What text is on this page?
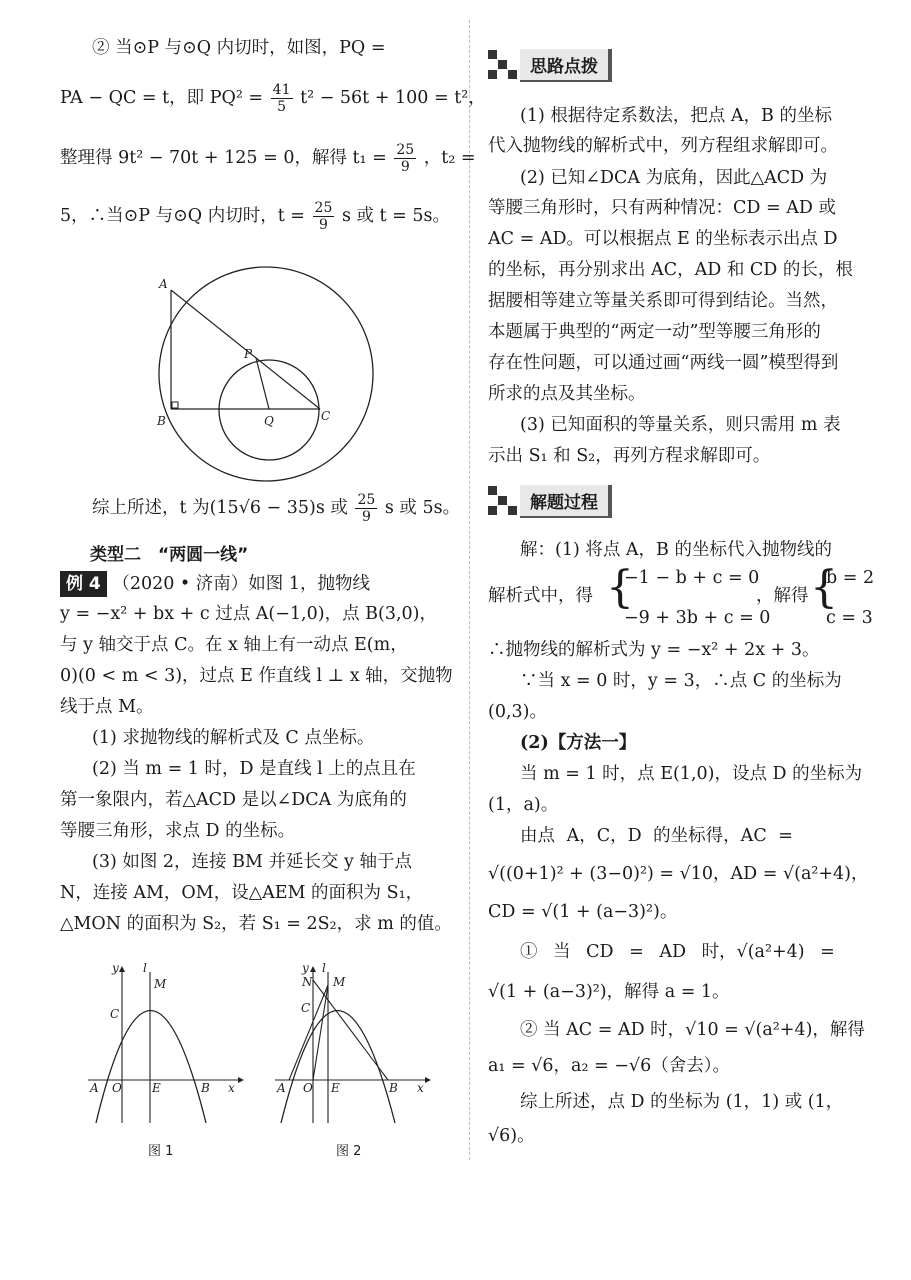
② 当⊙P 与⊙Q 内切时，如图，PQ =
PA − QC = t，即 $PQ^2 = \frac{41}{5} t^2 - 56t + 100 = t^2$，
整理得 9t² − 70t + 125 = 0，解得 $t_1 = \frac{25}{9}$ ，t₂ =
5，∴当⊙P 与⊙Q 内切时，$t = \frac{25}{9}$ s 或 t = 5s。
A
B
P
Q	C
综上所述，t 为(15√6 − 35)s 或 $\frac{25}{9}$ s 或 5s。
类型二　“两圆一线”
例 4 （2020 • 济南）如图 1，抛物线
y = −x² + bx + c 过点 A(−1,0)，点 B(3,0)，
与 y 轴交于点 C。在 x 轴上有一动点 E(m，
0)(0 < m < 3)，过点 E 作直线 l ⊥ x 轴，交抛物
线于点 M。
(1) 求抛物线的解析式及 C 点坐标。
(2) 当 m = 1 时，D 是直线 l 上的点且在
第一象限内，若△ACD 是以∠DCA 为底角的
等腰三角形，求点 D 的坐标。
(3) 如图 2，连接 BM 并延长交 y 轴于点
N，连接 AM，OM，设△AEM 的面积为 S₁，
△MON 的面积为 S₂，若 S₁ = 2S₂，求 m 的值。
y l
M
C
A O	E	B x
图 1
y l
N M
C
A O E	B x
图 2
思路点拨
(1) 根据待定系数法，把点 A，B 的坐标
代入抛物线的解析式中，列方程组求解即可。
(2) 已知∠DCA 为底角，因此△ACD 为
等腰三角形时，只有两种情况：CD = AD 或
AC = AD。可以根据点 E 的坐标表示出点 D
的坐标，再分别求出 AC，AD 和 CD 的长，根
据腰相等建立等量关系即可得到结论。当然，
本题属于典型的“两定一动”型等腰三角形的
存在性问题，可以通过画“两线一圆”模型得到
所求的点及其坐标。
(3) 已知面积的等量关系，则只需用 m 表
示出 S₁ 和 S₂，再列方程求解即可。
解题过程
解：(1) 将点 A，B 的坐标代入抛物线的
解析式中，得 {
−1 − b + c = 0
−9 + 3b + c = 0
，解得 {
b = 2
c = 3
∴抛物线的解析式为 y = −x² + 2x + 3。
∵当 x = 0 时，y = 3，∴点 C 的坐标为
(0,3)。
(2)【方法一】
当 m = 1 时，点 E(1,0)，设点 D 的坐标为
(1，a)。
由点 A，C，D 的坐标得，AC =
√((0+1)² + (3−0)²) = √10，AD = √(a²+4)，
CD = √(1 + (a−3)²)。
① 当 CD = AD 时，√(a²+4) =
√(1 + (a−3)²)，解得 a = 1。
② 当 AC = AD 时，√10 = √(a²+4)，解得
a₁ = √6，a₂ = −√6（舍去）。
综上所述，点 D 的坐标为 (1，1) 或 (1，
√6)。
